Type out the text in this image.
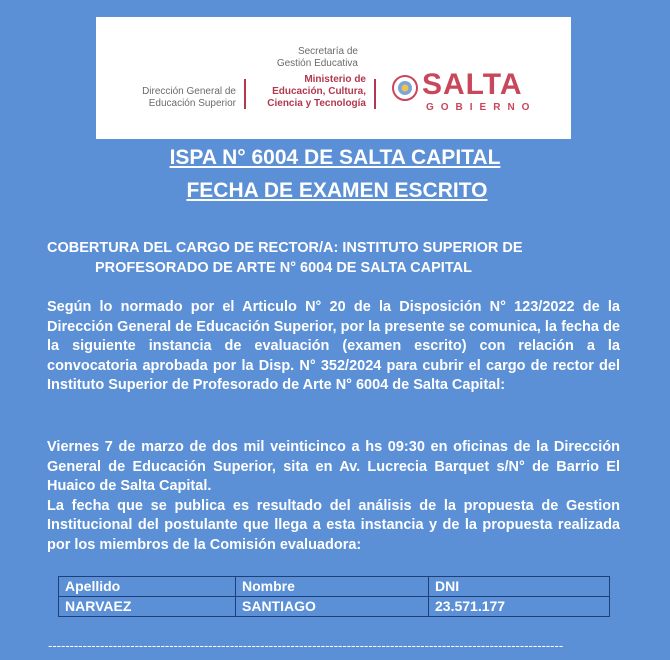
Dirección General de Educación Superior
Secretaría de Gestión Educativa
Ministerio de Educación, Cultura, Ciencia y Tecnología
SALTA
GOBIERNO
ISPA N° 6004 DE SALTA CAPITAL
FECHA DE EXAMEN ESCRITO
COBERTURA DEL CARGO DE RECTOR/A: INSTITUTO SUPERIOR DE
PROFESORADO DE ARTE N° 6004 DE SALTA CAPITAL
Según lo normado por el Articulo N° 20 de la Disposición N° 123/2022 de la Dirección General de Educación Superior, por la presente se comunica, la fecha de la siguiente instancia de evaluación (examen escrito) con relación a la convocatoria aprobada por la Disp. N° 352/2024 para cubrir el cargo de rector del Instituto Superior de Profesorado de Arte N° 6004 de Salta Capital:
Viernes 7 de marzo de dos mil veinticinco a hs 09:30 en oficinas de la Dirección General de Educación Superior, sita en Av. Lucrecia Barquet s/N° de Barrio El Huaico de Salta Capital.
La fecha que se publica es resultado del análisis de la propuesta de Gestion Institucional del postulante que llega a esta instancia y de la propuesta realizada por los miembros de la Comisión evaluadora:
Apellido	Nombre	DNI
NARVAEZ	SANTIAGO	23.571.177
-----------------------------------------------------------------------------------------------------------------------
